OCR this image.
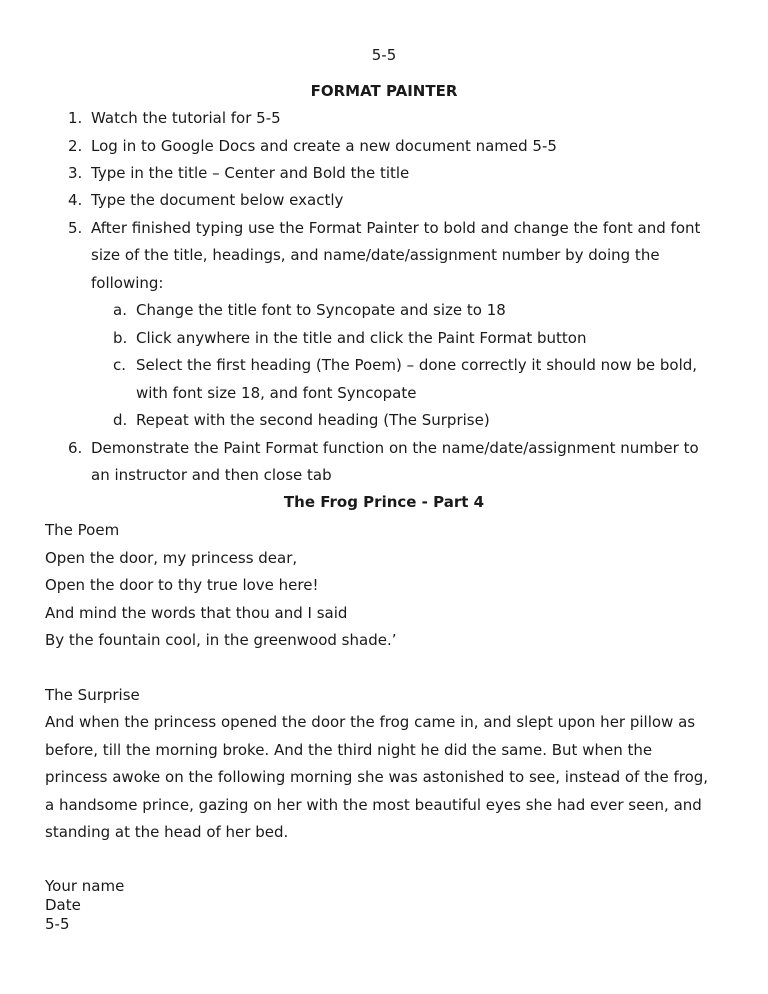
5-5
FORMAT PAINTER
1. Watch the tutorial for 5-5
2. Log in to Google Docs and create a new document named 5-5
3. Type in the title – Center and Bold the title
4. Type the document below exactly
5. After finished typing use the Format Painter to bold and change the font and font
size of the title, headings, and name/date/assignment number by doing the
following:
a. Change the title font to Syncopate and size to 18
b. Click anywhere in the title and click the Paint Format button
c. Select the first heading (The Poem) – done correctly it should now be bold,
with font size 18, and font Syncopate
d. Repeat with the second heading (The Surprise)
6. Demonstrate the Paint Format function on the name/date/assignment number to
an instructor and then close tab
The Frog Prince - Part 4
The Poem
Open the door, my princess dear,
Open the door to thy true love here!
And mind the words that thou and I said
By the fountain cool, in the greenwood shade.’
The Surprise
And when the princess opened the door the frog came in, and slept upon her pillow as
before, till the morning broke. And the third night he did the same. But when the
princess awoke on the following morning she was astonished to see, instead of the frog,
a handsome prince, gazing on her with the most beautiful eyes she had ever seen, and
standing at the head of her bed.
Your name
Date
5-5
